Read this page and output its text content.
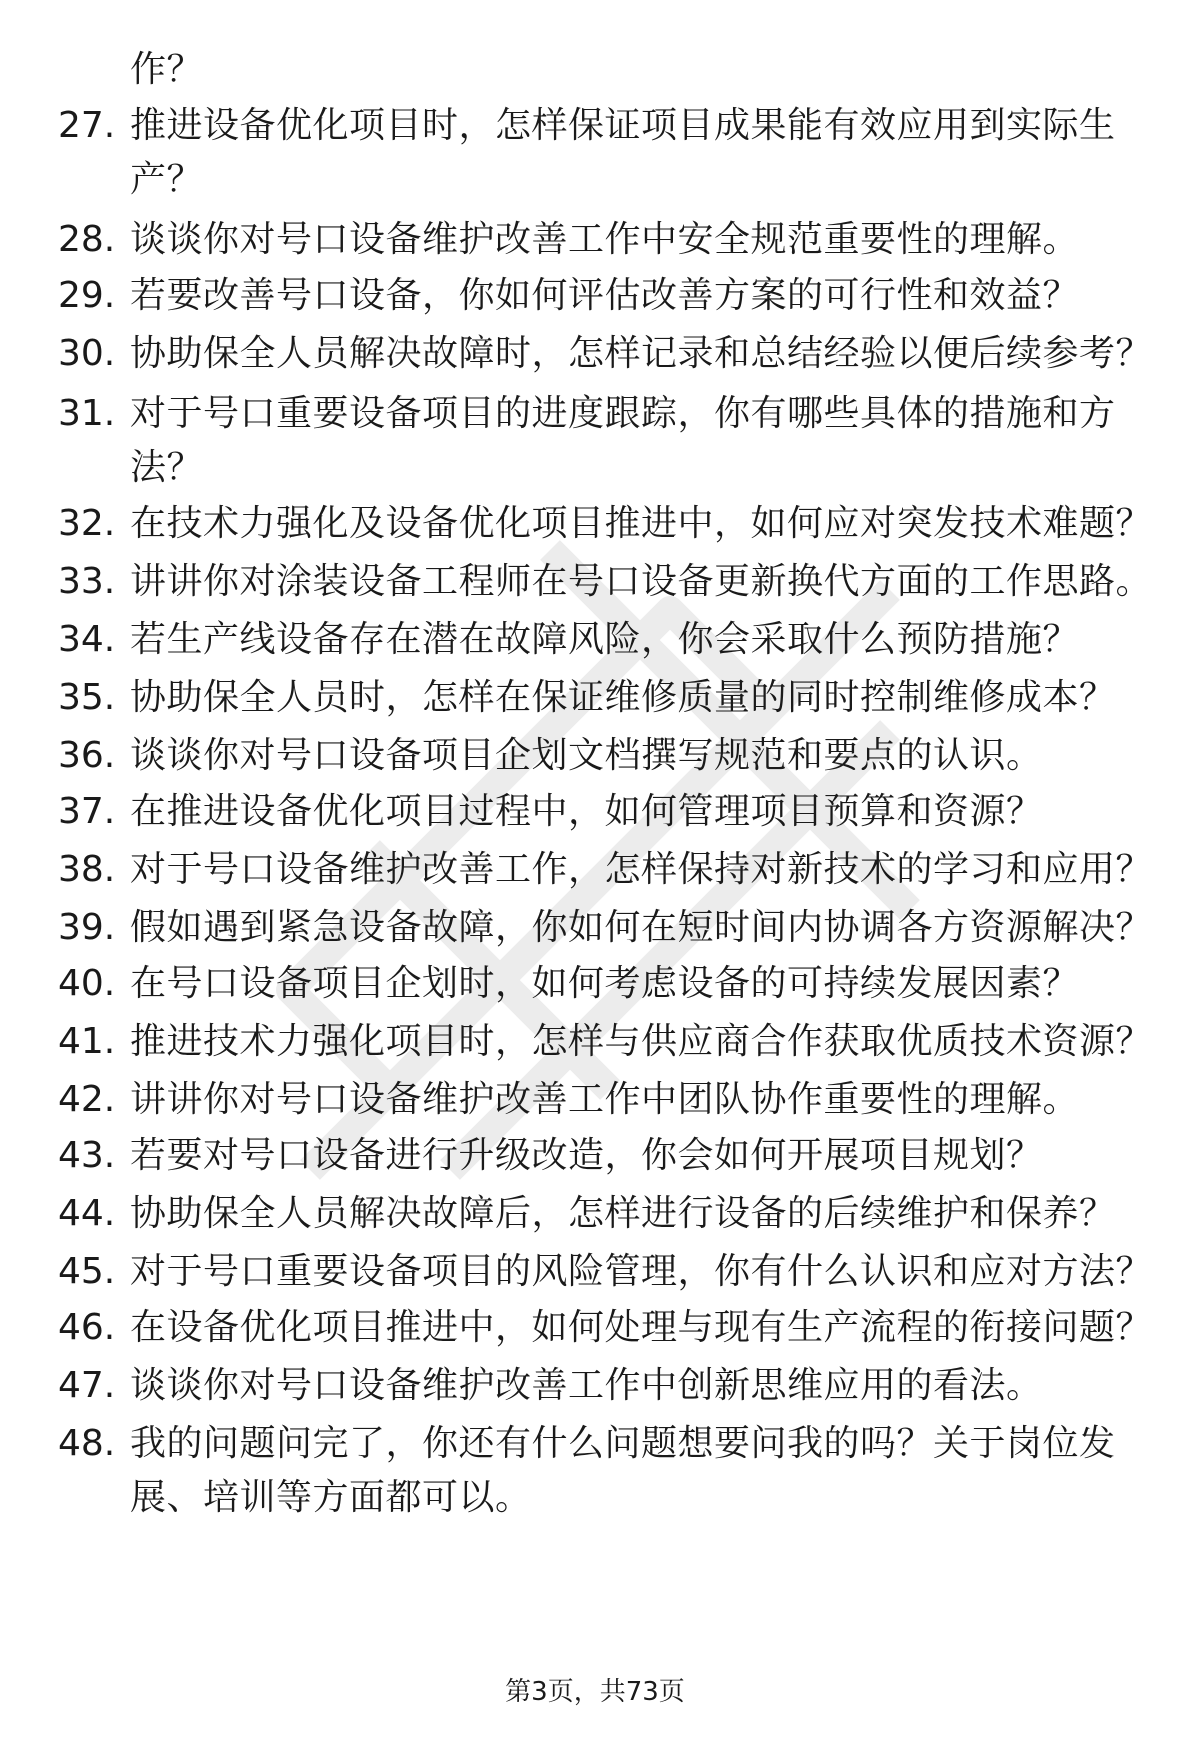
作？
27. 推进设备优化项目时，怎样保证项目成果能有效应用到实际生
产？
28. 谈谈你对号口设备维护改善工作中安全规范重要性的理解。
29. 若要改善号口设备，你如何评估改善方案的可行性和效益？
30. 协助保全人员解决故障时，怎样记录和总结经验以便后续参考？
31. 对于号口重要设备项目的进度跟踪，你有哪些具体的措施和方
法？
32. 在技术力强化及设备优化项目推进中，如何应对突发技术难题？
33. 讲讲你对涂装设备工程师在号口设备更新换代方面的工作思路。
34. 若生产线设备存在潜在故障风险，你会采取什么预防措施？
35. 协助保全人员时，怎样在保证维修质量的同时控制维修成本？
36. 谈谈你对号口设备项目企划文档撰写规范和要点的认识。
37. 在推进设备优化项目过程中，如何管理项目预算和资源？
38. 对于号口设备维护改善工作，怎样保持对新技术的学习和应用？
39. 假如遇到紧急设备故障，你如何在短时间内协调各方资源解决？
40. 在号口设备项目企划时，如何考虑设备的可持续发展因素？
41. 推进技术力强化项目时，怎样与供应商合作获取优质技术资源？
42. 讲讲你对号口设备维护改善工作中团队协作重要性的理解。
43. 若要对号口设备进行升级改造，你会如何开展项目规划？
44. 协助保全人员解决故障后，怎样进行设备的后续维护和保养？
45. 对于号口重要设备项目的风险管理，你有什么认识和应对方法？
46. 在设备优化项目推进中，如何处理与现有生产流程的衔接问题？
47. 谈谈你对号口设备维护改善工作中创新思维应用的看法。
48. 我的问题问完了，你还有什么问题想要问我的吗？关于岗位发
展、培训等方面都可以。
第3页，共73页
